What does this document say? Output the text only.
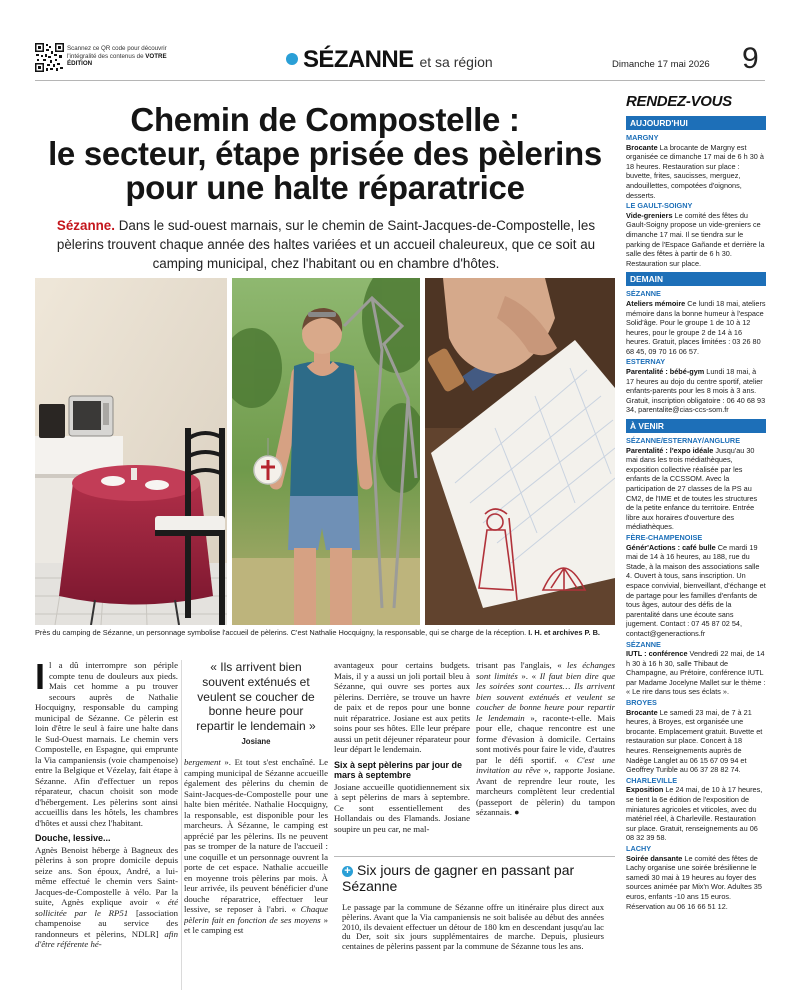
Scannez ce QR code pour découvrir l'intégralité des contenus de VOTRE ÉDITION	SÉZANNE et sa région	Dimanche 17 mai 2026 9
Chemin de Compostelle :
le secteur, étape prisée des pèlerins
pour une halte réparatrice
Sézanne. Dans le sud-ouest marnais, sur le chemin de Saint-Jacques-de-Compostelle, les pèlerins trouvent chaque année des haltes variées et un accueil chaleureux, que ce soit au camping municipal, chez l'habitant ou en chambre d'hôtes.
Près du camping de Sézanne, un personnage symbolise l'accueil de pèlerins. C'est Nathalie Hocquigny, la responsable, qui se charge de la réception. I. H. et archives P. B.

Il a dû interrompre son périple compte tenu de douleurs aux pieds. Mais cet homme a pu trouver secours auprès de Nathalie Hocquigny, responsable du camping municipal de Sézanne. Ce pèlerin est loin d'être le seul à faire une halte dans le Sud-Ouest marnais. Le chemin vers Compostelle, en Espagne, qui emprunte la Via campaniensis (voie champenoise) entre la Belgique et Vézelay, fait étape à Sézanne. Afin d'effectuer un repos réparateur, chacun choisit son mode d'hébergement. Les pèlerins sont ainsi accueillis dans les hôtels, les chambres d'hôtes et aussi chez l'habitant.

Douche, lessive...

Agnès Benoist héberge à Bagneux des pèlerins à son propre domicile depuis seize ans. Son époux, André, a lui-même effectué le chemin vers Saint-Jacques-de-Compostelle à vélo. Par la suite, Agnès explique avoir « été sollicitée par le RP51 [association champenoise au service des randonneurs et pèlerins, NDLR] afin d'être référente hé-

« Ils arrivent bien souvent exténués et veulent se coucher de bonne heure pour repartir le lendemain »
Josiane

bergement ». Et tout s'est enchaîné. Le camping municipal de Sézanne accueille également des pèlerins du chemin de Saint-Jacques-de-Compostelle pour une halte bien méritée. Nathalie Hocquigny, la responsable, est disponible pour les marcheurs. À Sézanne, le camping est apprécié par les pèlerins. Ils ne peuvent pas se tromper de la nature de l'accueil : une coquille et un personnage ouvrent la porte de cet espace. Nathalie accueille en moyenne trois pèlerins par mois. À leur arrivée, ils peuvent bénéficier d'une douche réparatrice, effectuer leur lessive, se reposer à l'abri. « Chaque pèlerin fait en fonction de ses moyens » et le camping est

avantageux pour certains budgets. Mais, il y a aussi un joli portail bleu à Sézanne, qui ouvre ses portes aux pèlerins. Derrière, se trouve un havre de paix et de repos pour une bonne nuit réparatrice. Josiane est aux petits soins pour ses hôtes. Elle leur prépare aussi un petit déjeuner réparateur pour leur départ le lendemain.

Six à sept pèlerins par jour de mars à septembre

Josiane accueille quotidiennement six à sept pèlerins de mars à septembre. Ce sont essentiellement des Hollandais ou des Flamands. Josiane soupire un peu car, ne mal-

trisant pas l'anglais, « les échanges sont limités ». « Il faut bien dire que les soirées sont courtes… Ils arrivent bien souvent exténués et veulent se coucher de bonne heure pour repartir le lendemain », raconte-t-elle. Mais pour elle, chaque rencontre est une forme d'évasion à domicile. Certains sont motivés pour faire le vide, d'autres par le défi sportif. « C'est une invitation au rêve », rapporte Josiane. Avant de reprendre leur route, les marcheurs complètent leur credential (passeport de pèlerin) du tampon sézannais. ●

+ Six jours de gagner en passant par Sézanne

Le passage par la commune de Sézanne offre un itinéraire plus direct aux pèlerins. Avant que la Via campaniensis ne soit balisée au début des années 2010, ils devaient effectuer un détour de 180 km en descendant jusqu'au lac du Der, soit six jours supplémentaires de marche. Depuis, plusieurs centaines de pèlerins passent par la commune de Sézanne tous les ans.

RENDEZ-VOUS
AUJOURD'HUI
MARGNY

Brocante La brocante de Margny est organisée ce dimanche 17 mai de 6 h 30 à 18 heures. Restauration sur place : buvette, frites, saucisses, merguez, andouillettes, compotées d'oignons, desserts.

LE GAULT-SOIGNY

Vide-greniers Le comité des fêtes du Gault-Soigny propose un vide-greniers ce dimanche 17 mai. Il se tiendra sur le parking de l'Espace Gañande et derrière la salle des fêtes à partir de 6 h 30. Restauration sur place.

DEMAIN
SÉZANNE

Ateliers mémoire Ce lundi 18 mai, ateliers mémoire dans la bonne humeur à l'espace Solid'âge. Pour le groupe 1 de 10 à 12 heures, pour le groupe 2 de 14 à 16 heures. Gratuit, places limitées : 03 26 80 68 45, 09 70 16 06 57.

ESTERNAY

Parentalité : bébé-gym Lundi 18 mai, à 17 heures au dojo du centre sportif, atelier enfants-parents pour les 8 mois à 3 ans. Gratuit, inscription obligatoire : 06 40 68 93 34, parentalite@cias-ccs-som.fr

À VENIR
SÉZANNE/ESTERNAY/ANGLURE

Parentalité : l'expo idéale Jusqu'au 30 mai dans les trois médiathèques, exposition collective réalisée par les enfants de la CCSSOM. Avec la participation de 27 classes de la PS au CM2, de l'IME et de toutes les structures de la petite enfance du territoire. Entrée libre aux horaires d'ouverture des médiathèques.

FÈRE-CHAMPENOISE

Génér'Actions : café bulle Ce mardi 19 mai de 14 à 16 heures, au 188, rue du Stade, à la maison des associations salle 4. Ouvert à tous, sans inscription. Un espace convivial, bienveillant, d'échange et de partage pour les familles d'enfants de tous âges, autour des défis de la parentalité dans une écoute sans jugement. Contact : 07 45 87 02 54, contact@generactions.fr

SÉZANNE

IUTL : conférence Vendredi 22 mai, de 14 h 30 à 16 h 30, salle Thibaut de Champagne, au Prétoire, conférence IUTL par Madame Jocelyne Mallet sur le thème : « Le rire dans tous ses éclats ».

BROYES

Brocante Le samedi 23 mai, de 7 à 21 heures, à Broyes, est organisée une brocante. Emplacement gratuit. Buvette et restauration sur place. Concert à 18 heures. Renseignements auprès de Nadège Langlet au 06 15 67 09 94 et Geoffrey Turible au 06 37 28 82 74.

CHARLEVILLE

Exposition Le 24 mai, de 10 à 17 heures, se tient la 6e édition de l'exposition de miniatures agricoles et viticoles, avec du matériel réel, à Charleville. Restauration sur place. Gratuit, renseignements au 06 08 32 39 58.

LACHY

Soirée dansante Le comité des fêtes de Lachy organise une soirée brésilienne le samedi 30 mai à 19 heures au foyer des sources animée par Mix'n Wor. Adultes 35 euros, enfants -10 ans 15 euros. Réservation au 06 16 66 51 12.
